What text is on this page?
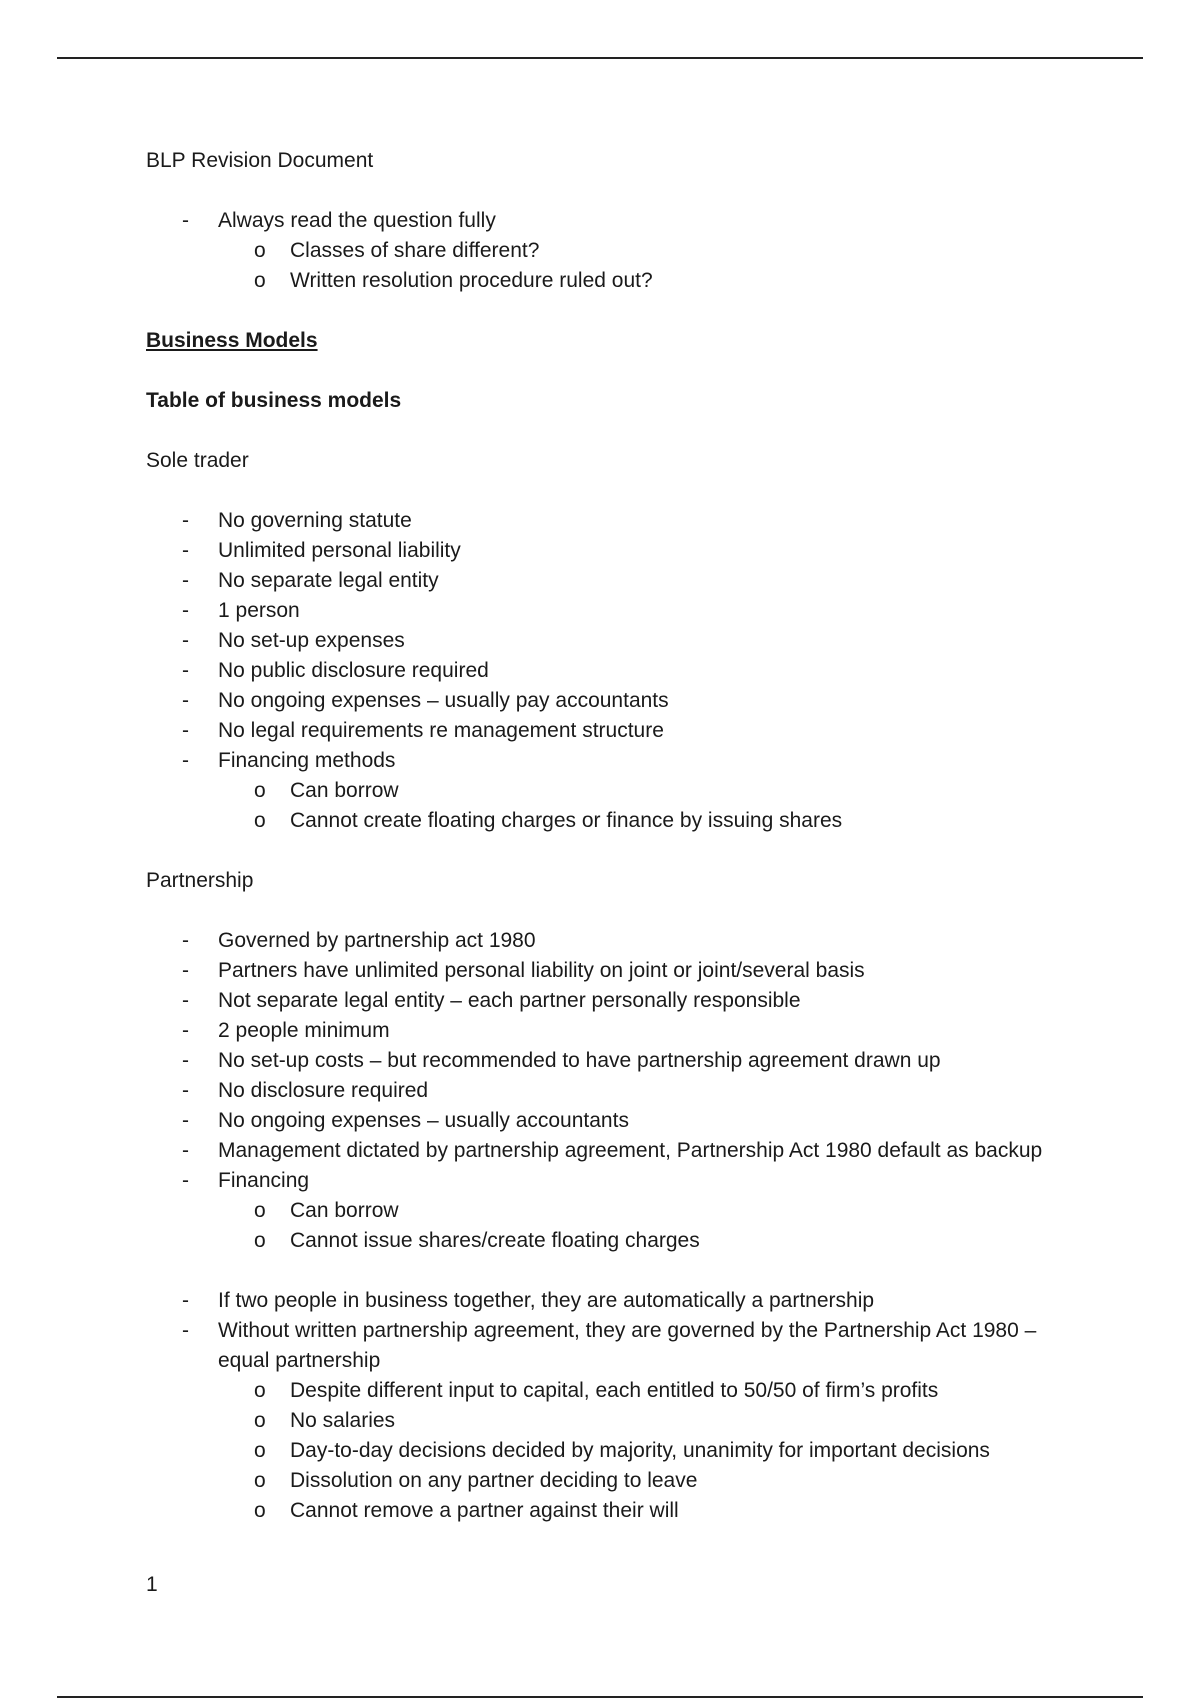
BLP Revision Document

- Always read the question fully
o Classes of share different?
o Written resolution procedure ruled out?

Business Models

Table of business models

Sole trader

- No governing statute
- Unlimited personal liability
- No separate legal entity
- 1 person
- No set-up expenses
- No public disclosure required
- No ongoing expenses – usually pay accountants
- No legal requirements re management structure
- Financing methods
o Can borrow
o Cannot create floating charges or finance by issuing shares

Partnership

- Governed by partnership act 1980
- Partners have unlimited personal liability on joint or joint/several basis
- Not separate legal entity – each partner personally responsible
- 2 people minimum
- No set-up costs – but recommended to have partnership agreement drawn up
- No disclosure required
- No ongoing expenses – usually accountants
- Management dictated by partnership agreement, Partnership Act 1980 default as backup
- Financing
o Can borrow
o Cannot issue shares/create floating charges
- If two people in business together, they are automatically a partnership
- Without written partnership agreement, they are governed by the Partnership Act 1980 – equal partnership
o Despite different input to capital, each entitled to 50/50 of firm’s profits
o No salaries
o Day-to-day decisions decided by majority, unanimity for important decisions
o Dissolution on any partner deciding to leave
o Cannot remove a partner against their will
1
